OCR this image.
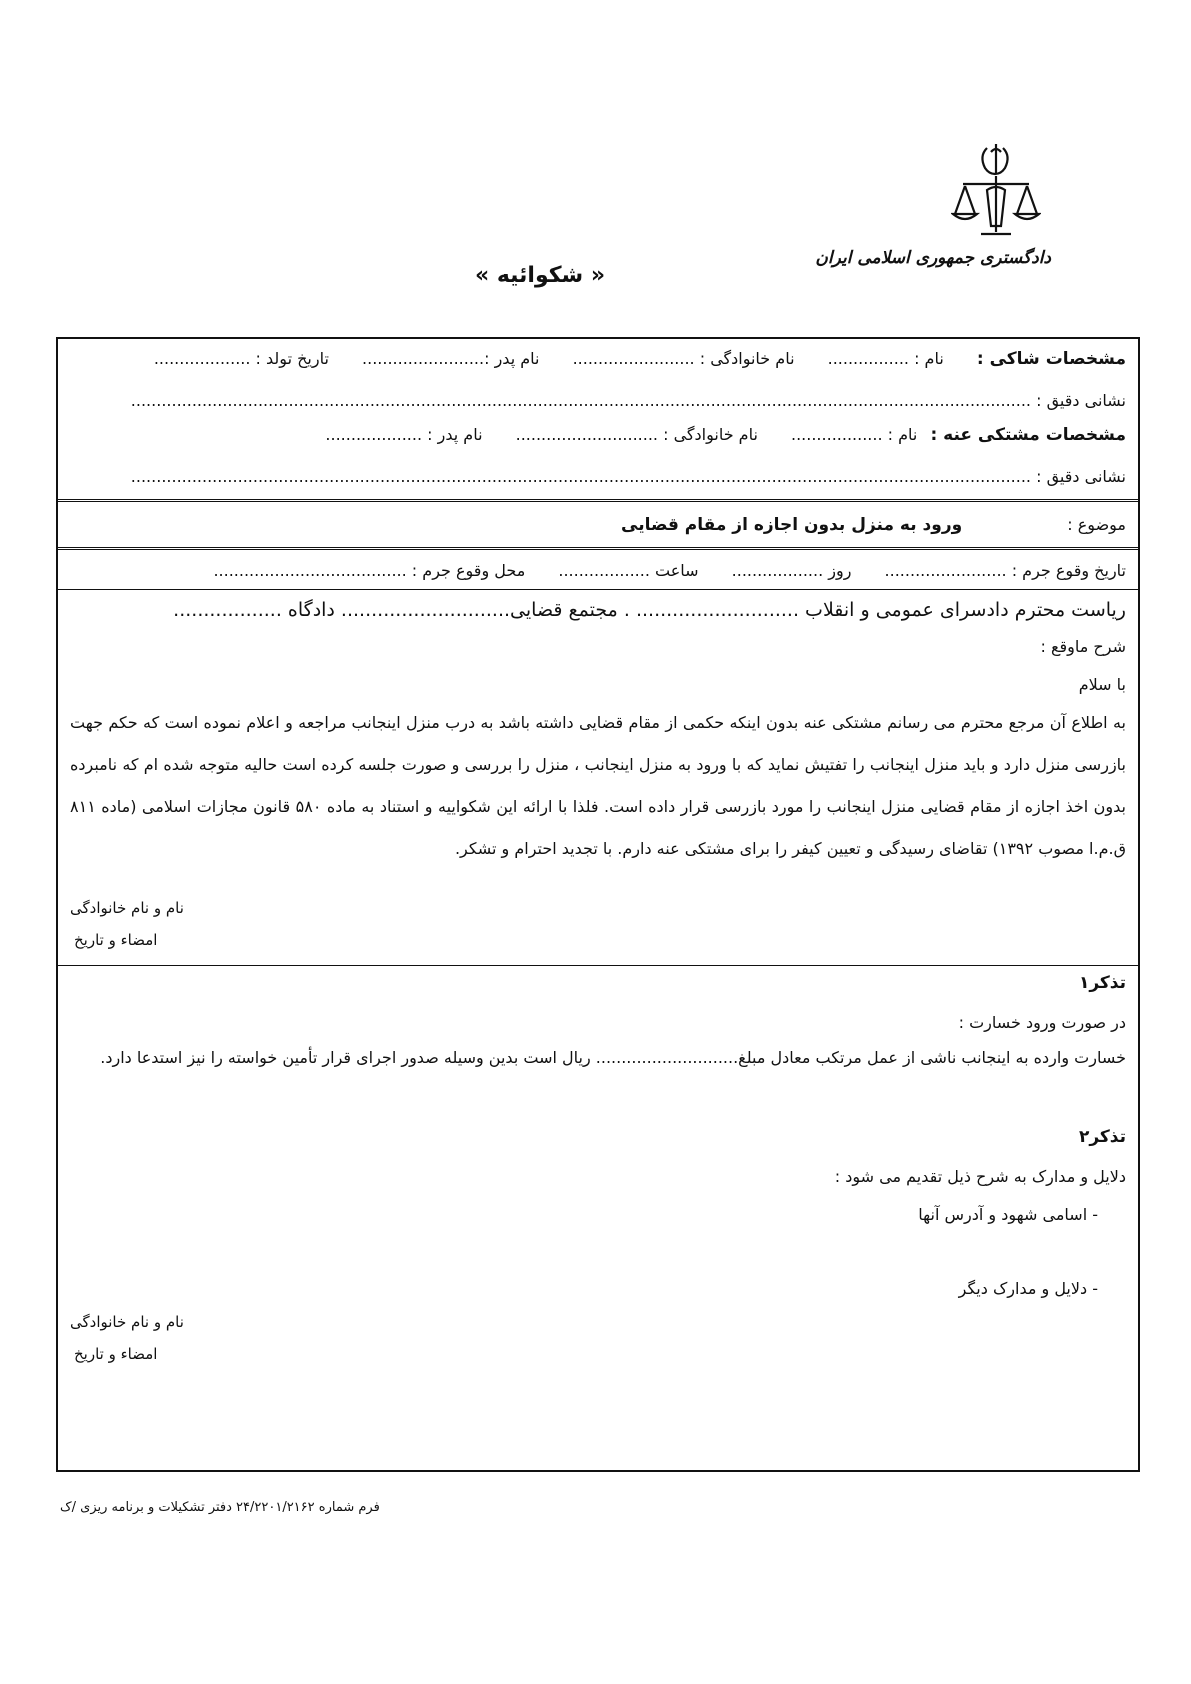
دادگستری جمهوری اسلامی ایران
« شکوائیه »
مشخصات شاکی : نام : ................ نام خانوادگی : ........................ نام پدر :........................ تاریخ تولد : ...................
نشانی دقیق : .................................................................................................................................................................................
مشخصات مشتکی عنه : نام : .................. نام خانوادگی : ............................ نام پدر : ...................
نشانی دقیق : .................................................................................................................................................................................
موضوع : ورود به منزل بدون اجازه از مقام قضایی
تاریخ وقوع جرم : ........................ روز .................. ساعت .................. محل وقوع جرم : ......................................
ریاست محترم دادسرای عمومی و انقلاب ........................... . مجتمع قضایی............................ دادگاه ..................
شرح ماوقع :
با سلام
به اطلاع آن مرجع محترم می رسانم مشتکی عنه بدون اینکه حکمی از مقام قضایی داشته باشد به درب منزل اینجانب مراجعه و اعلام نموده است که حکم جهت بازرسی منزل دارد و باید منزل اینجانب را تفتیش نماید که با ورود به منزل اینجانب ، منزل را بررسی و صورت جلسه کرده است حالیه متوجه شده ام که نامبرده بدون اخذ اجازه از مقام قضایی منزل اینجانب را مورد بازرسی قرار داده است. فلذا با ارائه این شکواییه و استناد به ماده ۵۸۰ قانون مجازات اسلامی (ماده ۸۱۱ ق.م.ا مصوب ۱۳۹۲) تقاضای رسیدگی و تعیین کیفر را برای مشتکی عنه دارم. با تجدید احترام و تشکر.
نام و نام خانوادگی
امضاء و تاریخ
تذکر۱
در صورت ورود خسارت :
خسارت وارده به اینجانب ناشی از عمل مرتکب معادل مبلغ............................ ریال است بدین وسیله صدور اجرای قرار تأمین خواسته را نیز استدعا دارد.
تذکر۲
دلایل و مدارک به شرح ذیل تقدیم می شود :
- اسامی شهود و آدرس آنها
- دلایل و مدارک دیگر
نام و نام خانوادگی
امضاء و تاریخ
فرم شماره ۲۴/۲۲۰۱/۲۱۶۲ دفتر تشکیلات و برنامه ریزی /ک
